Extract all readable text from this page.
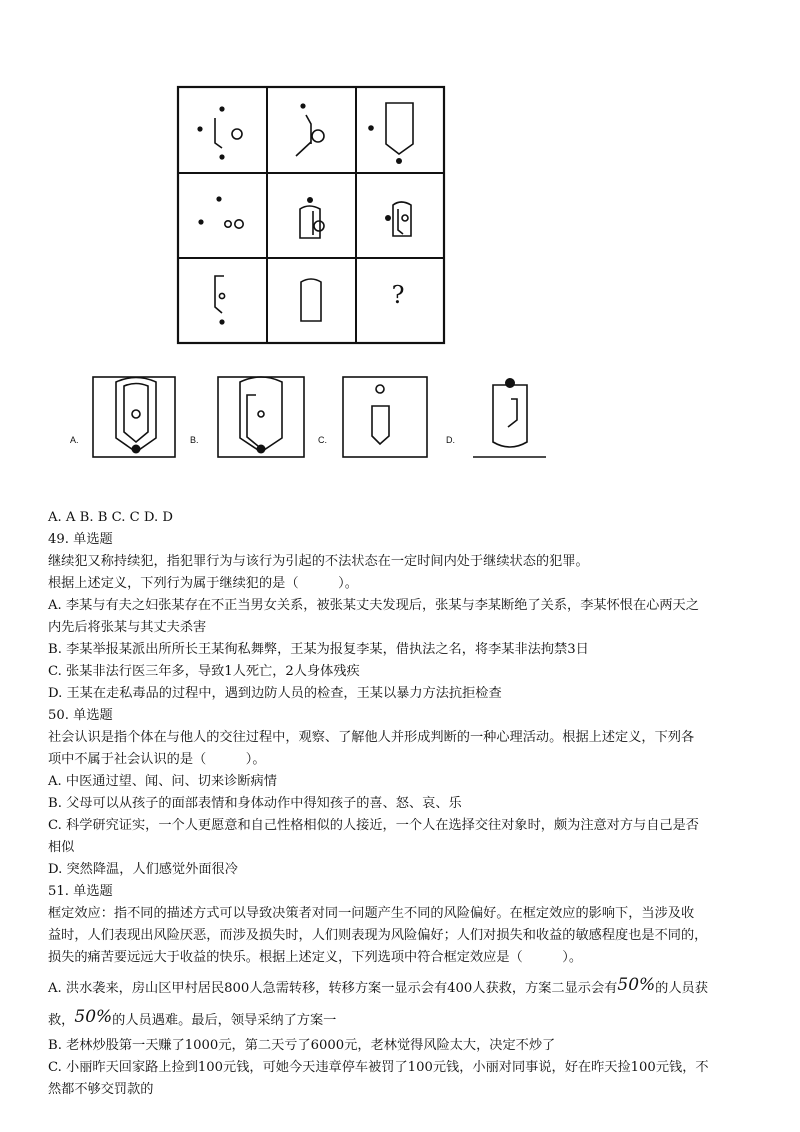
?
A.	B.	C.	D.
A. A B. B C. C D. D
49. 单选题
继续犯又称持续犯，指犯罪行为与该行为引起的不法状态在一定时间内处于继续状态的犯罪。
根据上述定义，下列行为属于继续犯的是（　　　）。
A. 李某与有夫之妇张某存在不正当男女关系，被张某丈夫发现后，张某与李某断绝了关系，李某怀恨在心两天之
内先后将张某与其丈夫杀害
B. 李某举报某派出所所长王某徇私舞弊，王某为报复李某，借执法之名，将李某非法拘禁3日
C. 张某非法行医三年多，导致1人死亡，2人身体残疾
D. 王某在走私毒品的过程中，遇到边防人员的检查，王某以暴力方法抗拒检查
50. 单选题
社会认识是指个体在与他人的交往过程中，观察、了解他人并形成判断的一种心理活动。根据上述定义，下列各
项中不属于社会认识的是（　　　）。
A. 中医通过望、闻、问、切来诊断病情
B. 父母可以从孩子的面部表情和身体动作中得知孩子的喜、怒、哀、乐
C. 科学研究证实，一个人更愿意和自己性格相似的人接近，一个人在选择交往对象时，颇为注意对方与自己是否
相似
D. 突然降温，人们感觉外面很冷
51. 单选题
框定效应：指不同的描述方式可以导致决策者对同一问题产生不同的风险偏好。在框定效应的影响下，当涉及收
益时，人们表现出风险厌恶，而涉及损失时，人们则表现为风险偏好；人们对损失和收益的敏感程度也是不同的，
损失的痛苦要远远大于收益的快乐。根据上述定义，下列选项中符合框定效应是（　　　）。
A. 洪水袭来，房山区甲村居民800人急需转移，转移方案一显示会有400人获救，方案二显示会有50%的人员获
救，50%的人员遇难。最后，领导采纳了方案一
B. 老林炒股第一天赚了1000元，第二天亏了6000元，老林觉得风险太大，决定不炒了
C. 小丽昨天回家路上捡到100元钱，可她今天违章停车被罚了100元钱，小丽对同事说，好在昨天捡100元钱，不
然都不够交罚款的
